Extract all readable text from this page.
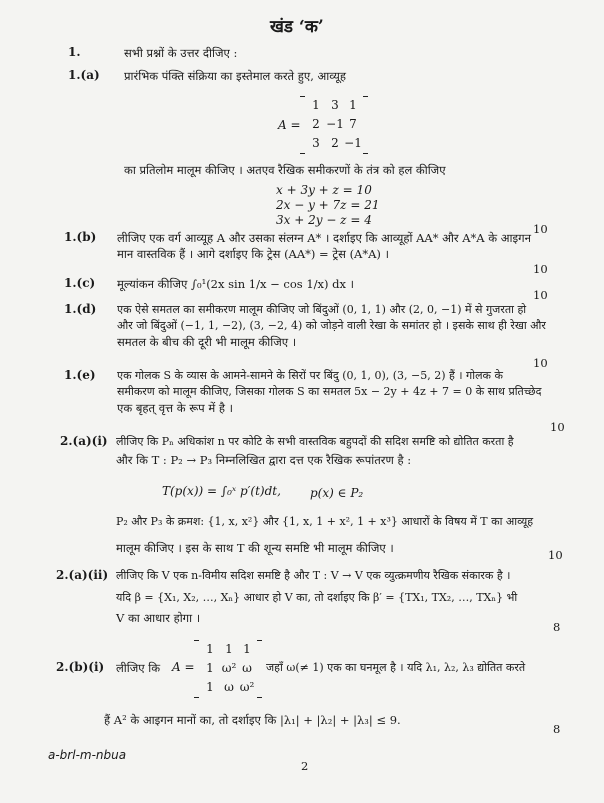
खंड ‘क’
1.	सभी प्रश्नों के उत्तर दीजिए :
1.(a) प्रारंभिक पंक्ति संक्रिया का इस्तेमाल करते हुए, आव्यूह
A =
1 3 1
2 −1 7
3 2 −1
का प्रतिलोम मालूम कीजिए । अतएव रैखिक समीकरणों के तंत्र को हल कीजिए
x + 3y + z = 10
2x − y + 7z = 21
3x + 2y − z = 4
10
1.(b) लीजिए एक वर्ग आव्यूह A और उसका संलग्न A* । दर्शाइए कि आव्यूहों AA* और A*A के आइगन
मान वास्तविक हैं । आगे दर्शाइए कि ट्रेस (AA*) = ट्रेस (A*A) ।
10
1.(c) मूल्यांकन कीजिए ∫₀¹(2x sin 1/x − cos 1/x) dx ।
10
1.(d) एक ऐसे समतल का समीकरण मालूम कीजिए जो बिंदुओं (0, 1, 1) और (2, 0, −1) में से गुजरता हो
और जो बिंदुओं (−1, 1, −2), (3, −2, 4) को जोड़ने वाली रेखा के समांतर हो । इसके साथ ही रेखा और
समतल के बीच की दूरी भी मालूम कीजिए ।
10
1.(e) एक गोलक S के व्यास के आमने-सामने के सिरों पर बिंदु (0, 1, 0), (3, −5, 2) हैं । गोलक के
समीकरण को मालूम कीजिए, जिसका गोलक S का समतल 5x − 2y + 4z + 7 = 0 के साथ प्रतिच्छेद
एक बृहत् वृत्त के रूप में है ।
10
2.(a)(i) लीजिए कि Pₙ अधिकांश n पर कोटि के सभी वास्तविक बहुपदों की सदिश समष्टि को द्योतित करता है
और कि T : P₂ → P₃ निम्नलिखित द्वारा दत्त एक रैखिक रूपांतरण है :
T(p(x)) = ∫₀ˣ p′(t)dt, p(x) ∈ P₂
P₂ और P₃ के क्रमश: {1, x, x²} और {1, x, 1 + x², 1 + x³} आधारों के विषय में T का आव्यूह
मालूम कीजिए । इस के साथ T की शून्य समष्टि भी मालूम कीजिए ।	10
2.(a)(ii) लीजिए कि V एक n-विमीय सदिश समष्टि है और T : V → V एक व्युत्क्रमणीय रैखिक संकारक है ।
यदि β = {X₁, X₂, …, Xₙ} आधार हो V का, तो दर्शाइए कि β′ = {TX₁, TX₂, …, TXₙ} भी
V का आधार होगा ।
8
2.(b)(i) लीजिए कि A =
1 1 1
1 ω² ω
1 ω ω²
जहाँ ω(≠ 1) एक का घनमूल है । यदि λ₁, λ₂, λ₃ द्योतित करते
हैं A² के आइगन मानों का, तो दर्शाइए कि |λ₁| + |λ₂| + |λ₃| ≤ 9.
8
a-brl-m-nbua
2
